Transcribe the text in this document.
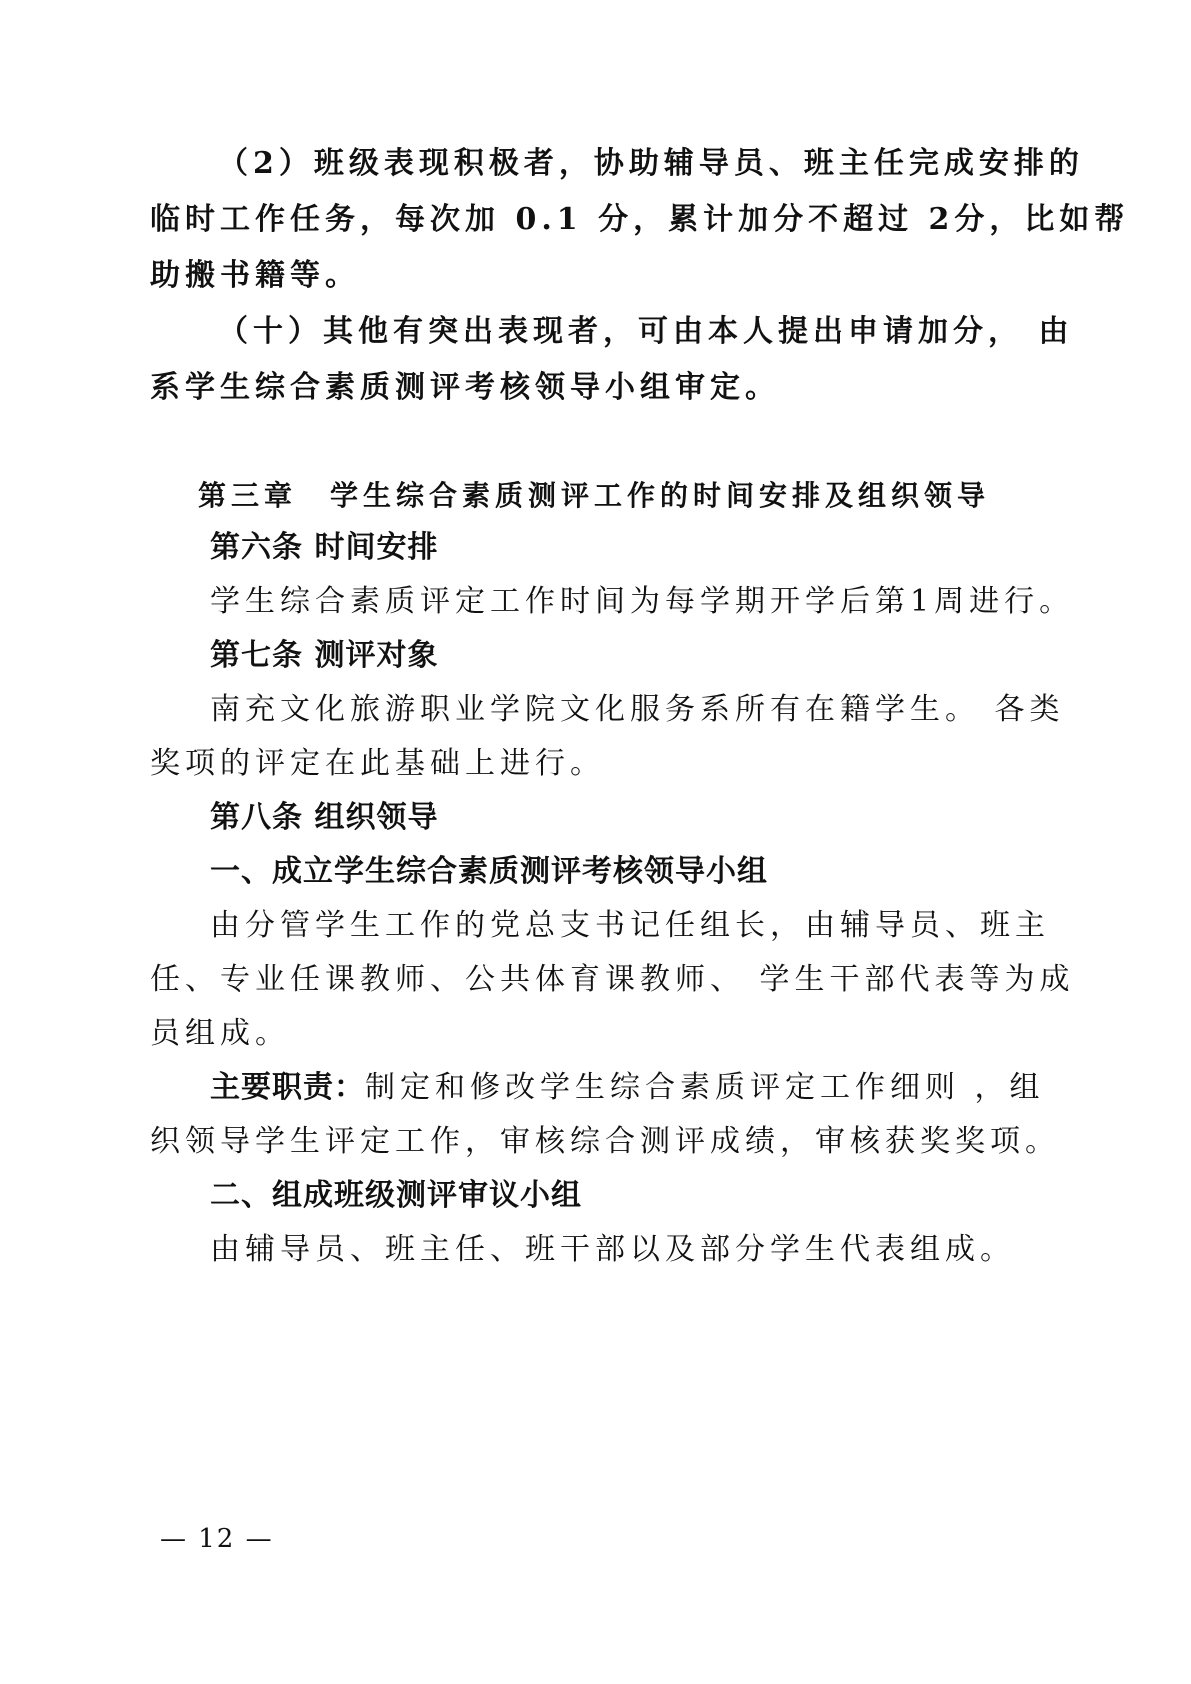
（2）班级表现积极者，协助辅导员、班主任完成安排的
临时工作任务，每次加 0.1 分，累计加分不超过 2分，比如帮
助搬书籍等。
（十）其他有突出表现者，可由本人提出申请加分， 由
系学生综合素质测评考核领导小组审定。
第三章　学生综合素质测评工作的时间安排及组织领导
第六条 时间安排
学生综合素质评定工作时间为每学期开学后第1周进行。
第七条 测评对象
南充文化旅游职业学院文化服务系所有在籍学生。 各类
奖项的评定在此基础上进行。
第八条 组织领导
一、成立学生综合素质测评考核领导小组
由分管学生工作的党总支书记任组长，由辅导员、班主
任、专业任课教师、公共体育课教师、 学生干部代表等为成
员组成。
主要职责：制定和修改学生综合素质评定工作细则 ，组
织领导学生评定工作，审核综合测评成绩，审核获奖奖项。
二、组成班级测评审议小组
由辅导员、班主任、班干部以及部分学生代表组成。
— 12 —
